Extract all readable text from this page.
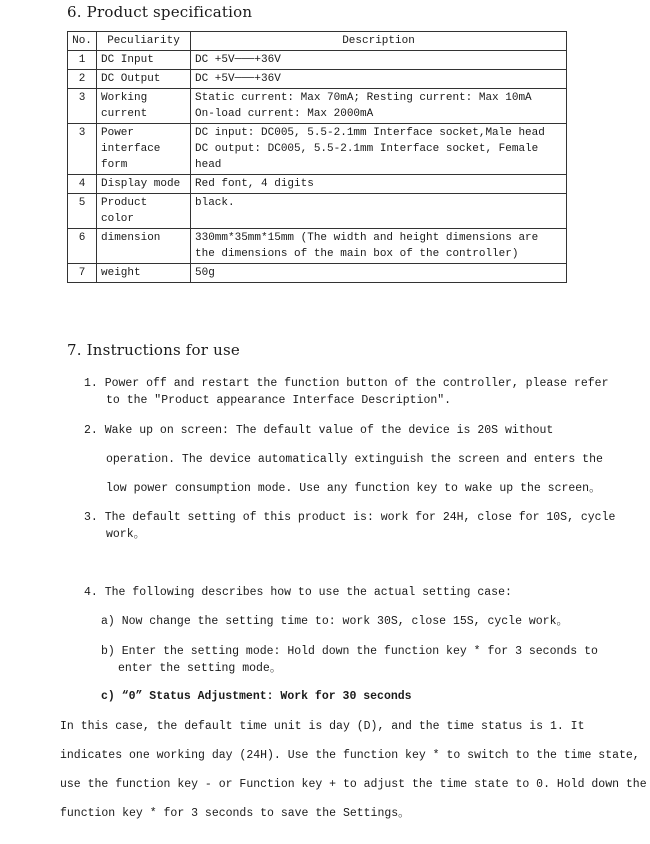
6. Product specification
No.	Peculiarity	Description
1	DC Input	DC +5V───+36V

2	DC Output	DC +5V───+36V

3	Working current	Static current: Max 70mA; Resting current: Max 10mA
On-load current: Max 2000mA

3	Power interface form	DC input: DC005, 5.5-2.1mm Interface socket,Male head
DC output: DC005, 5.5-2.1mm Interface socket, Female head

4	Display mode	Red font, 4 digits

5	Product color	black.

6	dimension	330mm*35mm*15mm (The width and height dimensions are
the dimensions of the main box of the controller)

7	weight	50g
7. Instructions for use
1. Power off and restart the function button of the controller, please refer
to the "Product appearance Interface Description".
2. Wake up on screen: The default value of the device is 20S without
operation. The device automatically extinguish the screen and enters the
low power consumption mode. Use any function key to wake up the screen。
3. The default setting of this product is: work for 24H, close for 10S, cycle
work。
4. The following describes how to use the actual setting case:
a) Now change the setting time to: work 30S, close 15S, cycle work。
b) Enter the setting mode: Hold down the function key * for 3 seconds to
enter the setting mode。
c) “0” Status Adjustment: Work for 30 seconds
In this case, the default time unit is day (D), and the time status is 1. It
indicates one working day (24H). Use the function key * to switch to the time state,
use the function key - or Function key + to adjust the time state to 0. Hold down the
function key * for 3 seconds to save the Settings。
